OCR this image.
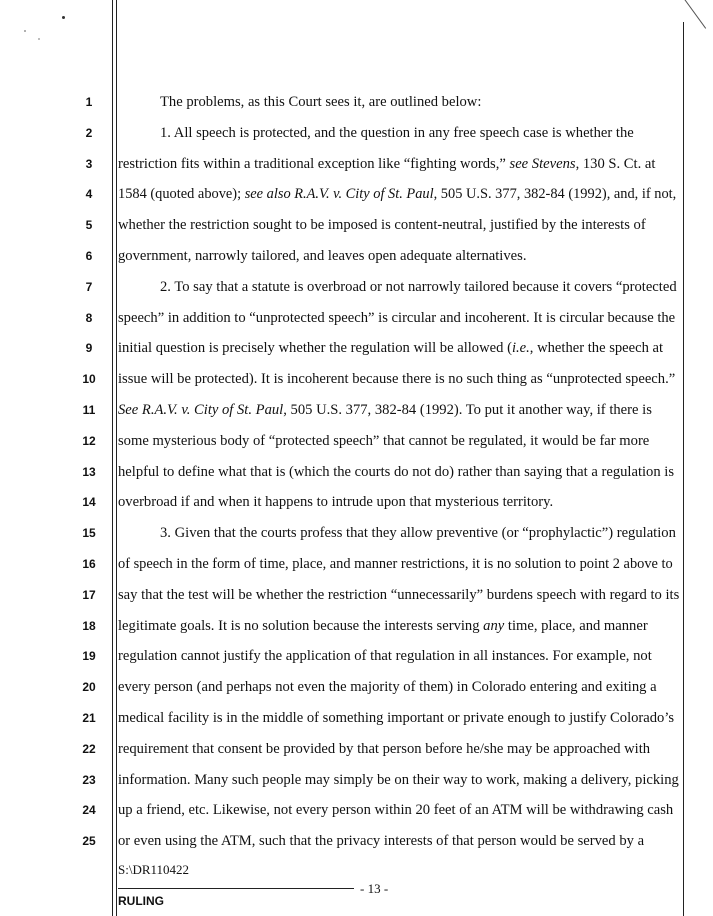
1	The problems, as this Court sees it, are outlined below:
2	1. All speech is protected, and the question in any free speech case is whether the
3	restriction fits within a traditional exception like “fighting words,” see Stevens, 130 S. Ct. at
4	1584 (quoted above); see also R.A.V. v. City of St. Paul, 505 U.S. 377, 382-84 (1992), and, if not,
5	whether the restriction sought to be imposed is content-neutral, justified by the interests of
6	government, narrowly tailored, and leaves open adequate alternatives.
7	2. To say that a statute is overbroad or not narrowly tailored because it covers “protected
8	speech” in addition to “unprotected speech” is circular and incoherent. It is circular because the
9	initial question is precisely whether the regulation will be allowed (i.e., whether the speech at
10	issue will be protected). It is incoherent because there is no such thing as “unprotected speech.”
11	See R.A.V. v. City of St. Paul, 505 U.S. 377, 382-84 (1992). To put it another way, if there is
12	some mysterious body of “protected speech” that cannot be regulated, it would be far more
13	helpful to define what that is (which the courts do not do) rather than saying that a regulation is
14	overbroad if and when it happens to intrude upon that mysterious territory.
15	3. Given that the courts profess that they allow preventive (or “prophylactic”) regulation
16	of speech in the form of time, place, and manner restrictions, it is no solution to point 2 above to
17	say that the test will be whether the restriction “unnecessarily” burdens speech with regard to its
18	legitimate goals. It is no solution because the interests serving any time, place, and manner
19	regulation cannot justify the application of that regulation in all instances. For example, not
20	every person (and perhaps not even the majority of them) in Colorado entering and exiting a
21	medical facility is in the middle of something important or private enough to justify Colorado’s
22	requirement that consent be provided by that person before he/she may be approached with
23	information. Many such people may simply be on their way to work, making a delivery, picking
24	up a friend, etc. Likewise, not every person within 20 feet of an ATM will be withdrawing cash
25	or even using the ATM, such that the privacy interests of that person would be served by a
S:\DR110422
- 13 -
RULING
